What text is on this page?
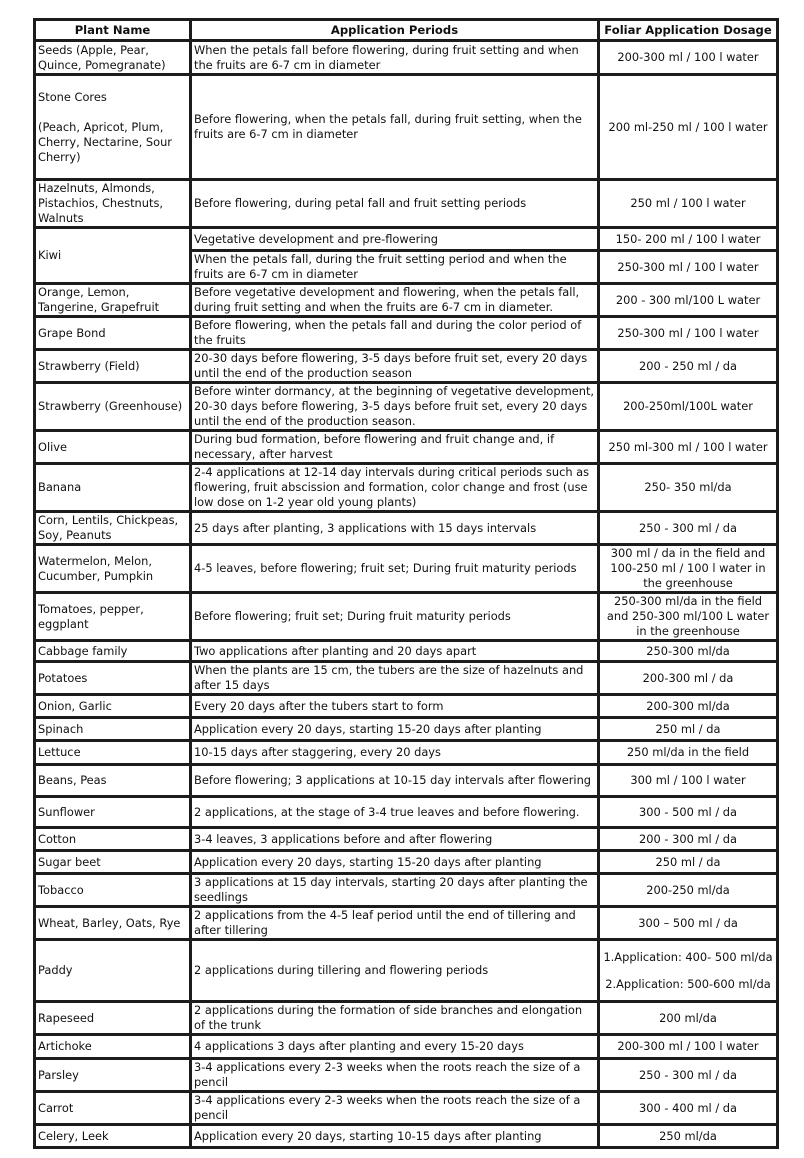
Plant Name	Application Periods	Foliar Application Dosage
Seeds (Apple, Pear, Quince, Pomegranate)	When the petals fall before flowering, during fruit setting and when the fruits are 6-7 cm in diameter	200-300 ml / 100 l water

Stone Cores
(Peach, Apricot, Plum, Cherry, Nectarine, Sour Cherry)	Before flowering, when the petals fall, during fruit setting, when the fruits are 6-7 cm in diameter	200 ml-250 ml / 100 l water
Hazelnuts, Almonds, Pistachios, Chestnuts, Walnuts	Before flowering, during petal fall and fruit setting periods	250 ml / 100 l water
Kiwi	Vegetative development and pre-flowering	150- 200 ml / 100 l water
	When the petals fall, during the fruit setting period and when the fruits are 6-7 cm in diameter	250-300 ml / 100 l water
Orange, Lemon, Tangerine, Grapefruit	Before vegetative development and flowering, when the petals fall, during fruit setting and when the fruits are 6-7 cm in diameter.	200 - 300 ml/100 L water
Grape Bond	Before flowering, when the petals fall and during the color period of the fruits	250-300 ml / 100 l water
Strawberry (Field)	20-30 days before flowering, 3-5 days before fruit set, every 20 days until the end of the production season	200 - 250 ml / da
Strawberry (Greenhouse)	Before winter dormancy, at the beginning of vegetative development, 20-30 days before flowering, 3-5 days before fruit set, every 20 days until the end of the production season.	200-250ml/100L water
Olive	During bud formation, before flowering and fruit change and, if necessary, after harvest	250 ml-300 ml / 100 l water
Banana	2-4 applications at 12-14 day intervals during critical periods such as flowering, fruit abscission and formation, color change and frost (use low dose on 1-2 year old young plants)	250- 350 ml/da
Corn, Lentils, Chickpeas, Soy, Peanuts	25 days after planting, 3 applications with 15 days intervals	250 - 300 ml / da
Watermelon, Melon, Cucumber, Pumpkin	4-5 leaves, before flowering; fruit set; During fruit maturity periods	300 ml / da in the field and 100-250 ml / 100 l water in the greenhouse
Tomatoes, pepper, eggplant	Before flowering; fruit set; During fruit maturity periods	250-300 ml/da in the field and 250-300 ml/100 L water in the greenhouse
Cabbage family	Two applications after planting and 20 days apart	250-300 ml/da
Potatoes	When the plants are 15 cm, the tubers are the size of hazelnuts and after 15 days	200-300 ml / da
Onion, Garlic	Every 20 days after the tubers start to form	200-300 ml/da
Spinach	Application every 20 days, starting 15-20 days after planting	250 ml / da
Lettuce	10-15 days after staggering, every 20 days	250 ml/da in the field
Beans, Peas	Before flowering; 3 applications at 10-15 day intervals after flowering	300 ml / 100 l water
Sunflower	2 applications, at the stage of 3-4 true leaves and before flowering.	300 - 500 ml / da
Cotton	3-4 leaves, 3 applications before and after flowering	200 - 300 ml / da
Sugar beet	Application every 20 days, starting 15-20 days after planting	250 ml / da
Tobacco	3 applications at 15 day intervals, starting 20 days after planting the seedlings	200-250 ml/da
Wheat, Barley, Oats, Rye	2 applications from the 4-5 leaf period until the end of tillering and after tillering	300 – 500 ml / da
Paddy	2 applications during tillering and flowering periods	1.Application: 400- 500 ml/da
2.Application: 500-600 ml/da

Rapeseed	2 applications during the formation of side branches and elongation of the trunk	200 ml/da
Artichoke	4 applications 3 days after planting and every 15-20 days	200-300 ml / 100 l water
Parsley	3-4 applications every 2-3 weeks when the roots reach the size of a pencil	250 - 300 ml / da
Carrot	3-4 applications every 2-3 weeks when the roots reach the size of a pencil	300 - 400 ml / da
Celery, Leek	Application every 20 days, starting 10-15 days after planting	250 ml/da
